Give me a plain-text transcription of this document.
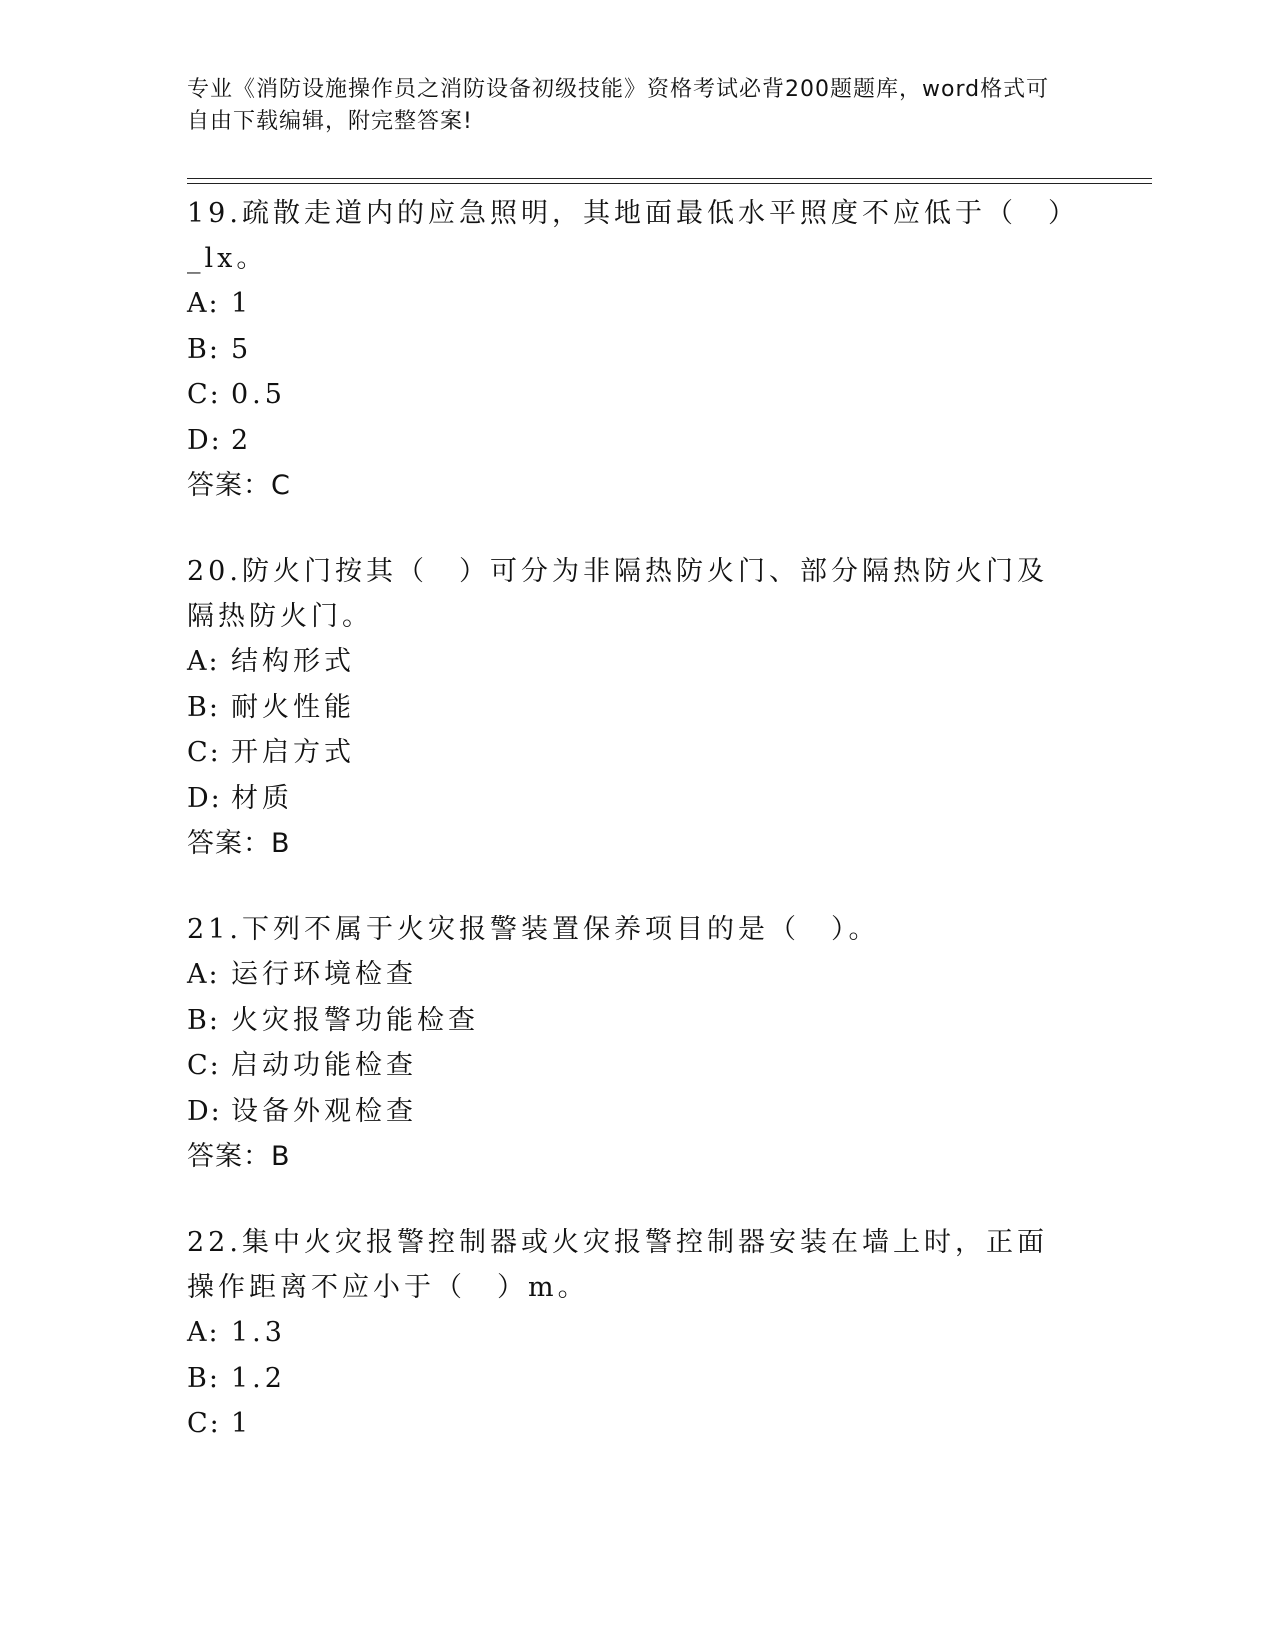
专业《消防设施操作员之消防设备初级技能》资格考试必背200题题库，word格式可自由下载编辑，附完整答案!

19.疏散走道内的应急照明，其地面最低水平照度不应低于（　）_lx。

A: 1

B: 5

C: 0.5

D: 2

答案：C

20.防火门按其（　）可分为非隔热防火门、部分隔热防火门及隔热防火门。

A: 结构形式

B: 耐火性能

C: 开启方式

D: 材质

答案：B

21.下列不属于火灾报警装置保养项目的是（　）。

A: 运行环境检查

B: 火灾报警功能检查

C: 启动功能检查

D: 设备外观检查

答案：B

22.集中火灾报警控制器或火灾报警控制器安装在墙上时，正面操作距离不应小于（　）m。

A: 1.3

B: 1.2

C: 1
